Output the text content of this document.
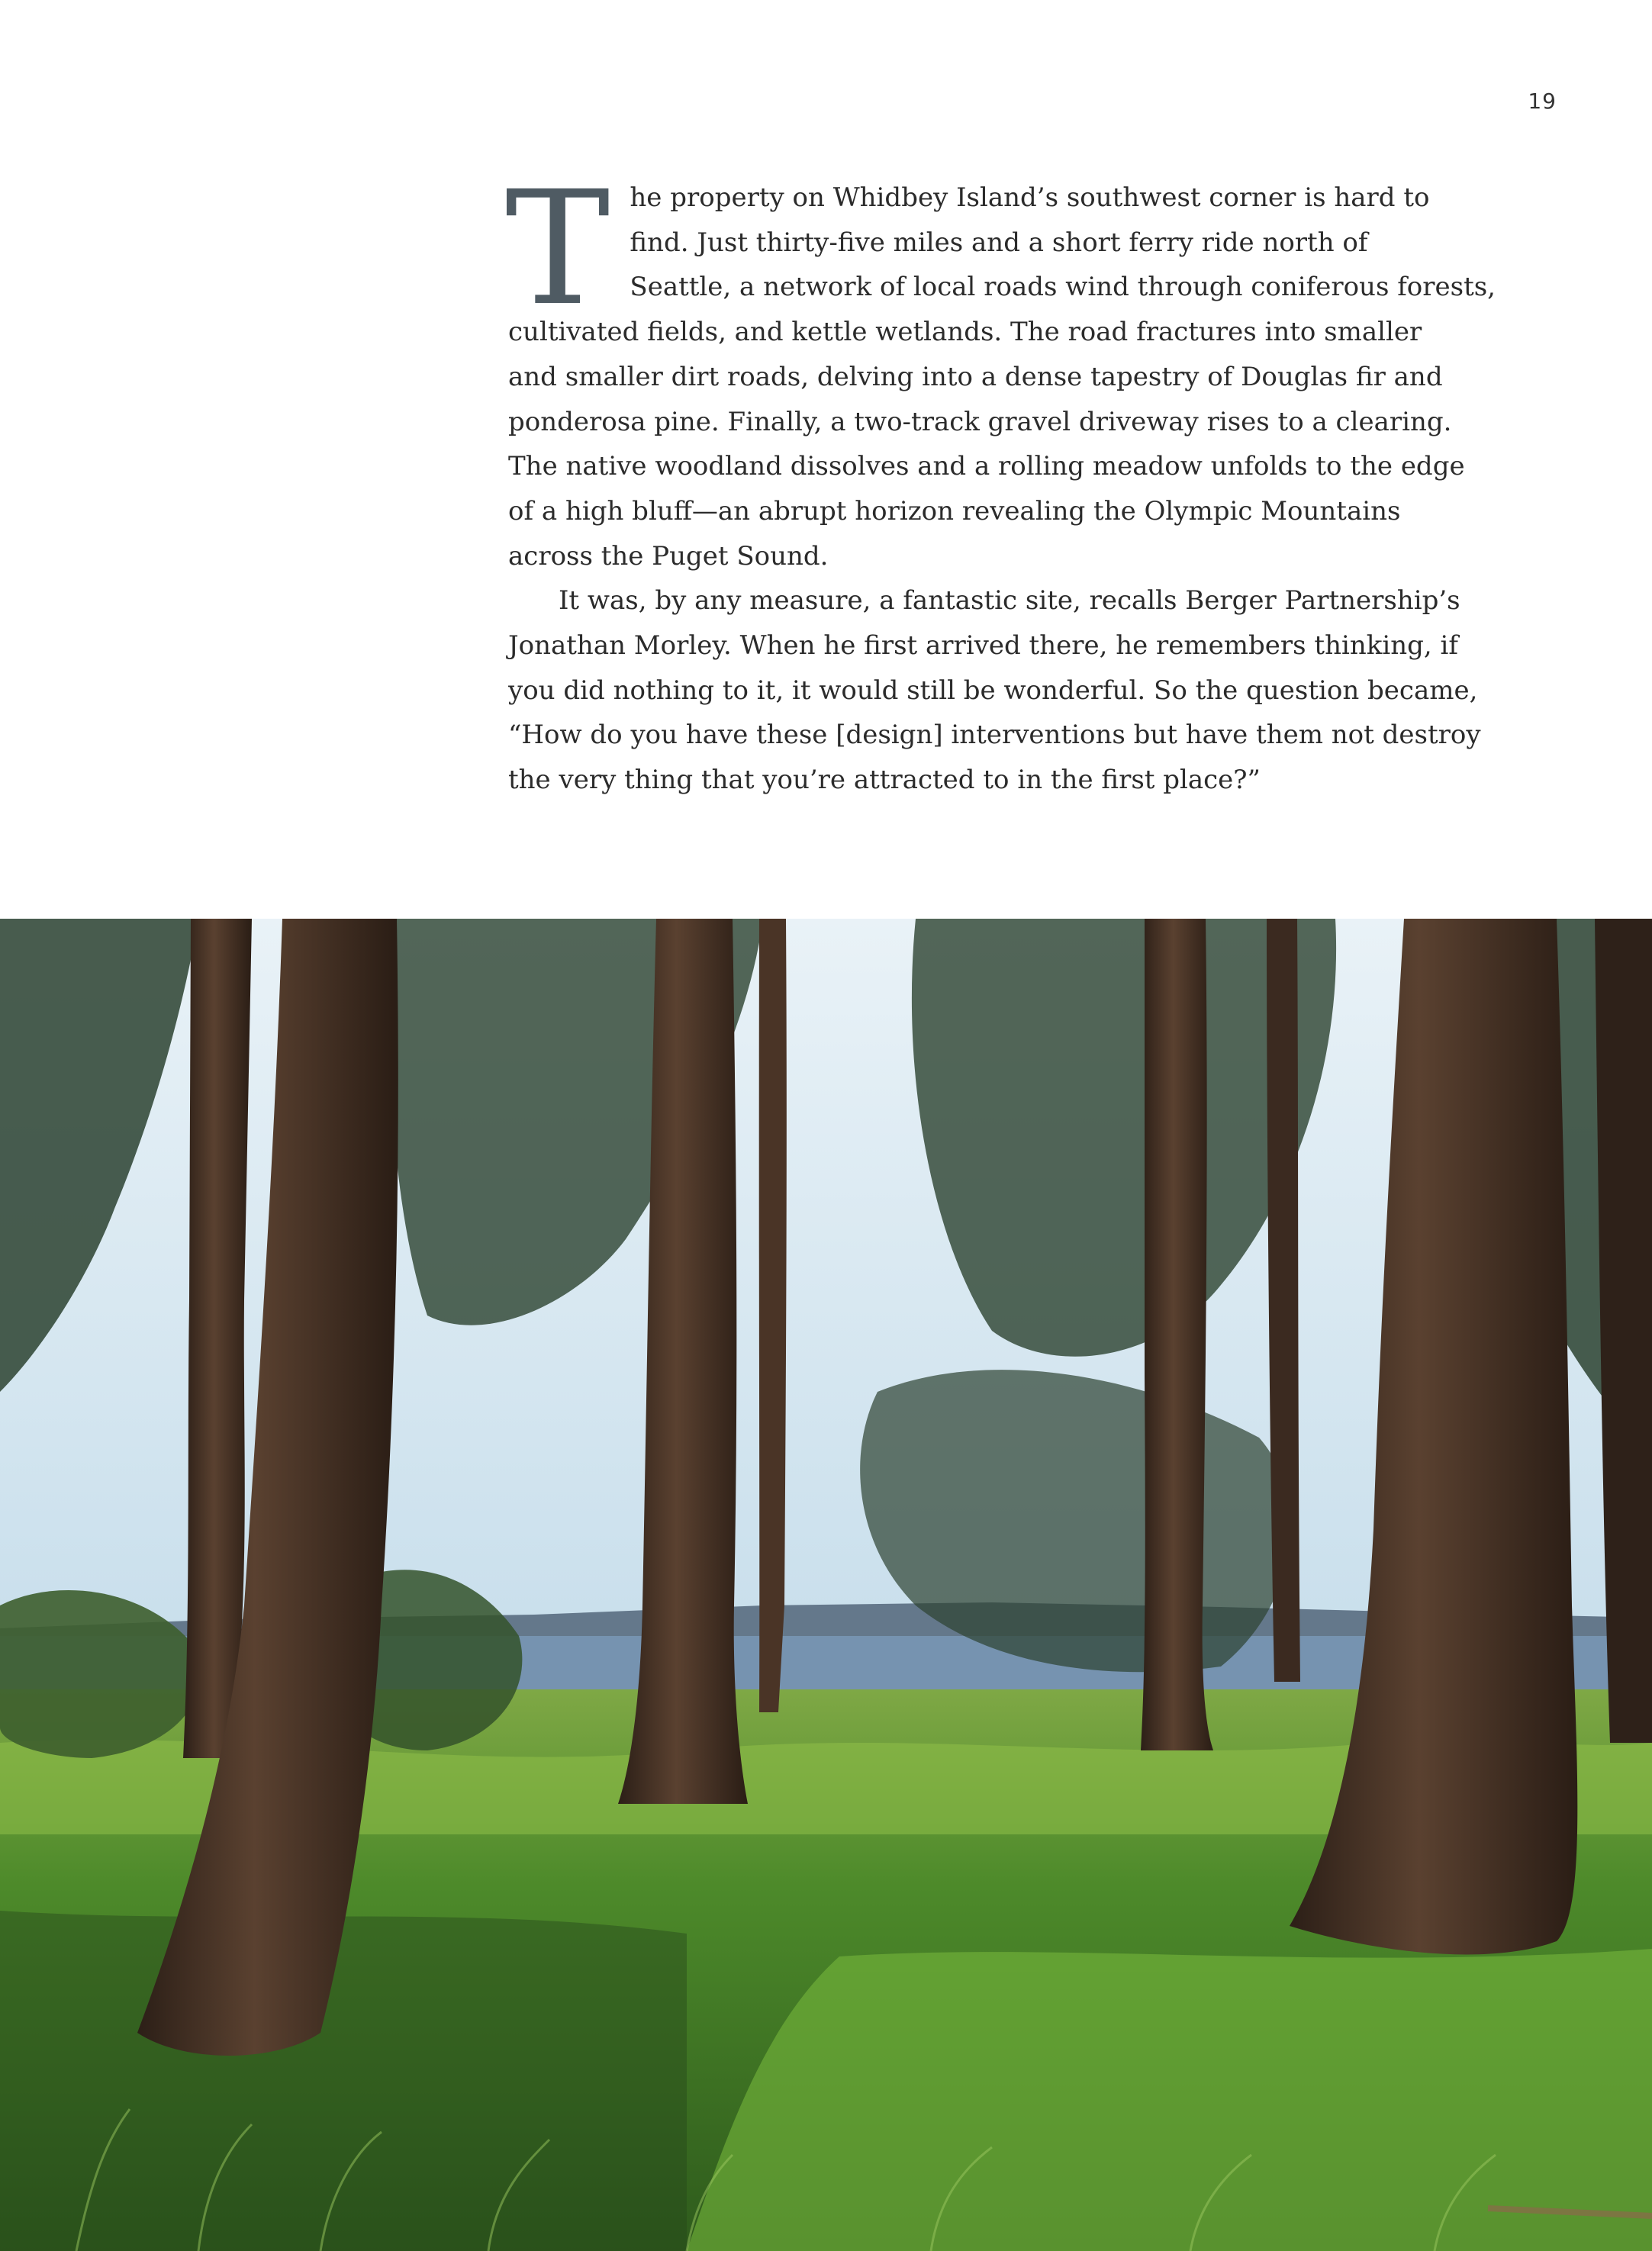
19

T he property on Whidbey Island’s southwest corner is hard to
find. Just thirty-five miles and a short ferry ride north of
Seattle, a network of local roads wind through coniferous forests,
cultivated fields, and kettle wetlands. The road fractures into smaller
and smaller dirt roads, delving into a dense tapestry of Douglas fir and
ponderosa pine. Finally, a two-track gravel driveway rises to a clearing.
The native woodland dissolves and a rolling meadow unfolds to the edge
of a high bluff—an abrupt horizon revealing the Olympic Mountains
across the Puget Sound.

It was, by any measure, a fantastic site, recalls Berger Partnership’s
Jonathan Morley. When he first arrived there, he remembers thinking, if
you did nothing to it, it would still be wonderful. So the question became,
“How do you have these [design] interventions but have them not destroy
the very thing that you’re attracted to in the first place?”
